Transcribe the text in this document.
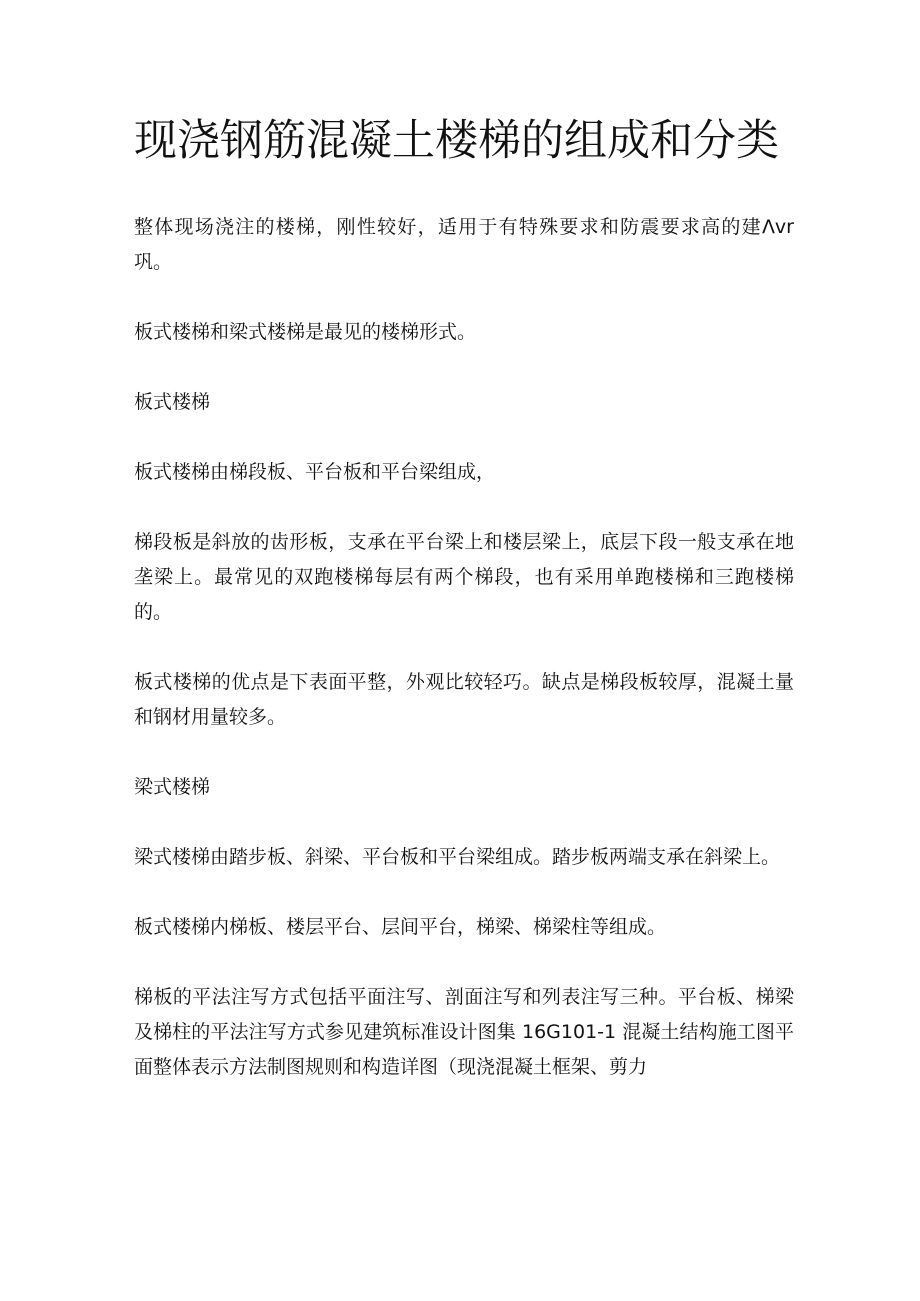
现浇钢筋混凝土楼梯的组成和分类

整体现场浇注的楼梯，刚性较好，适用于有特殊要求和防震要求高的建Λvr 巩。

板式楼梯和梁式楼梯是最见的楼梯形式。

板式楼梯

板式楼梯由梯段板、平台板和平台梁组成，

梯段板是斜放的齿形板，支承在平台梁上和楼层梁上，底层下段一般支承在地垄梁上。最常见的双跑楼梯每层有两个梯段，也有采用单跑楼梯和三跑楼梯的。

板式楼梯的优点是下表面平整，外观比较轻巧。缺点是梯段板较厚，混凝土量和钢材用量较多。

梁式楼梯

梁式楼梯由踏步板、斜梁、平台板和平台梁组成。踏步板两端支承在斜梁上。

板式楼梯内梯板、楼层平台、层间平台，梯梁、梯梁柱等组成。

梯板的平法注写方式包括平面注写、剖面注写和列表注写三种。平台板、梯梁及梯柱的平法注写方式参见建筑标准设计图集 16G101-1 混凝土结构施工图平面整体表示方法制图规则和构造详图（现浇混凝土框架、剪力
